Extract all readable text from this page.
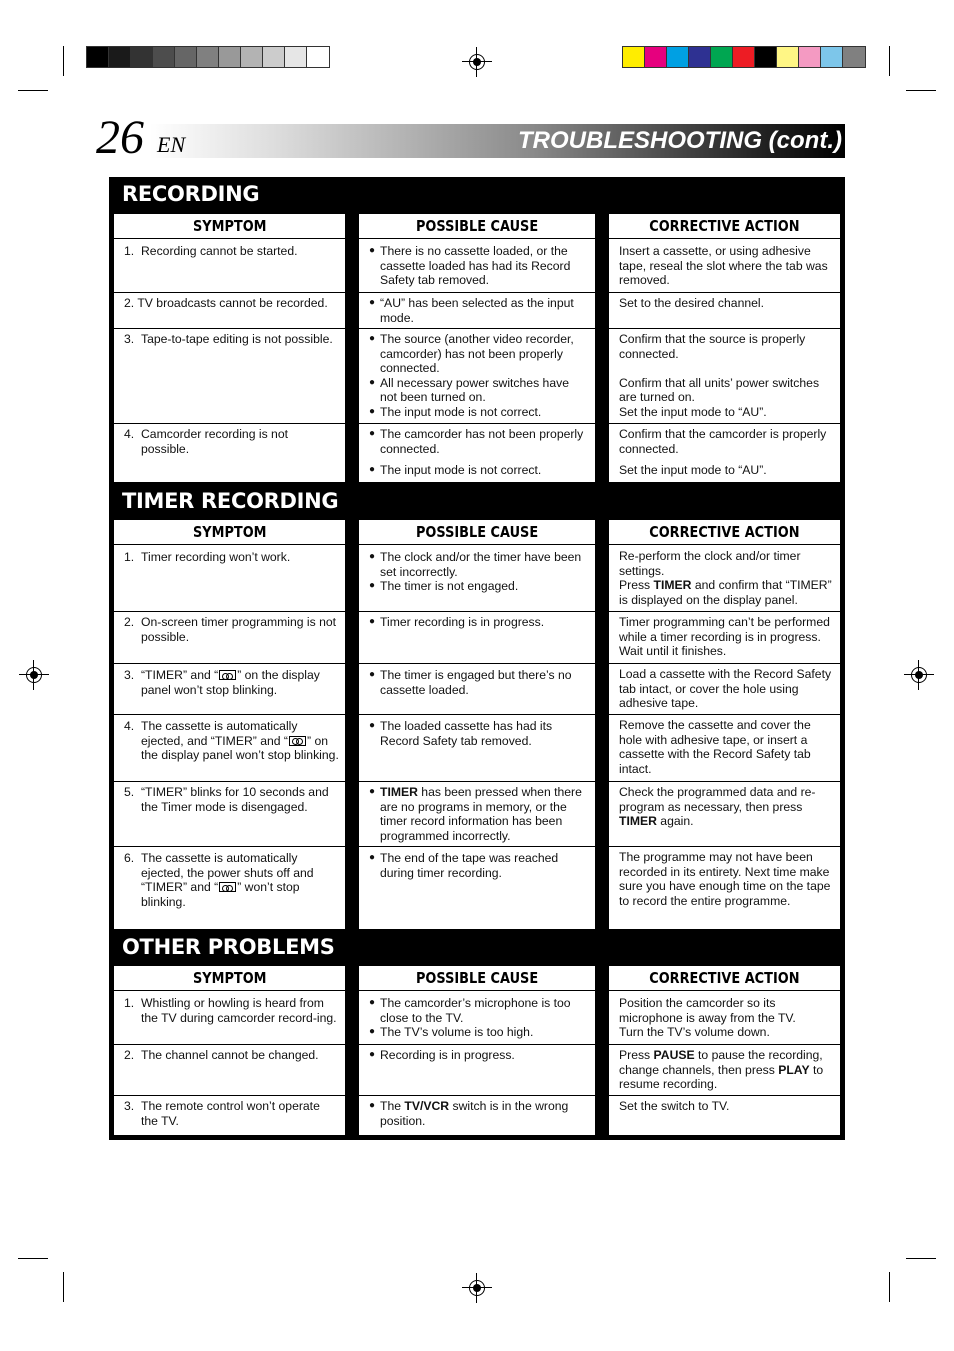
26 EN	TROUBLESHOOTING (cont.)
RECORDING
SYMPTOM
1. Recording cannot be started.
2. TV broadcasts cannot be recorded.
3. Tape-to-tape editing is not possible.
4. Camcorder recording is not possible.
POSSIBLE CAUSE
● There is no cassette loaded, or the cassette loaded has had its Record Safety tab removed.
● “AU” has been selected as the input mode.
● The source (another video recorder, camcorder) has not been properly connected.
● All necessary power switches have not been turned on.
● The input mode is not correct.
● The camcorder has not been properly connected.
● The input mode is not correct.
CORRECTIVE ACTION
Insert a cassette, or using adhesive tape, reseal the slot where the tab was removed.
Set to the desired channel.
Confirm that the source is properly connected.
Confirm that all units’ power switches are turned on.
Set the input mode to “AU”.
Confirm that the camcorder is properly connected.
Set the input mode to “AU”.
TIMER RECORDING
SYMPTOM
1. Timer recording won’t work.
2. On-screen timer programming is not possible.
3. “TIMER” and “ ” on the display panel won’t stop blinking.
4. The cassette is automatically ejected, and “TIMER” and “ ” on the display panel won’t stop blinking.
5. “TIMER” blinks for 10 seconds and the Timer mode is disengaged.
6. The cassette is automatically ejected, the power shuts off and “TIMER” and “ ” won’t stop blinking.
POSSIBLE CAUSE
● The clock and/or the timer have been set incorrectly.
● The timer is not engaged.
● Timer recording is in progress.
● The timer is engaged but there’s no cassette loaded.
● The loaded cassette has had its Record Safety tab removed.
● TIMER has been pressed when there are no programs in memory, or the timer record information has been programmed incorrectly.
● The end of the tape was reached during timer recording.
CORRECTIVE ACTION
Re-perform the clock and/or timer settings.
Press TIMER and confirm that “TIMER” is displayed on the display panel.
Timer programming can’t be performed while a timer recording is in progress. Wait until it finishes.
Load a cassette with the Record Safety tab intact, or cover the hole using adhesive tape.
Remove the cassette and cover the hole with adhesive tape, or insert a cassette with the Record Safety tab intact.
Check the programmed data and re-program as necessary, then press TIMER again.
The programme may not have been recorded in its entirety. Next time make sure you have enough time on the tape to record the entire programme.
OTHER PROBLEMS
SYMPTOM
1. Whistling or howling is heard from the TV during camcorder record-ing.
2. The channel cannot be changed.
3. The remote control won’t operate the TV.
POSSIBLE CAUSE
● The camcorder’s microphone is too close to the TV.
● The TV’s volume is too high.
● Recording is in progress.
● The TV/VCR switch is in the wrong position.
CORRECTIVE ACTION
Position the camcorder so its microphone is away from the TV.
Turn the TV’s volume down.
Press PAUSE to pause the recording, change channels, then press PLAY to resume recording.
Set the switch to TV.
